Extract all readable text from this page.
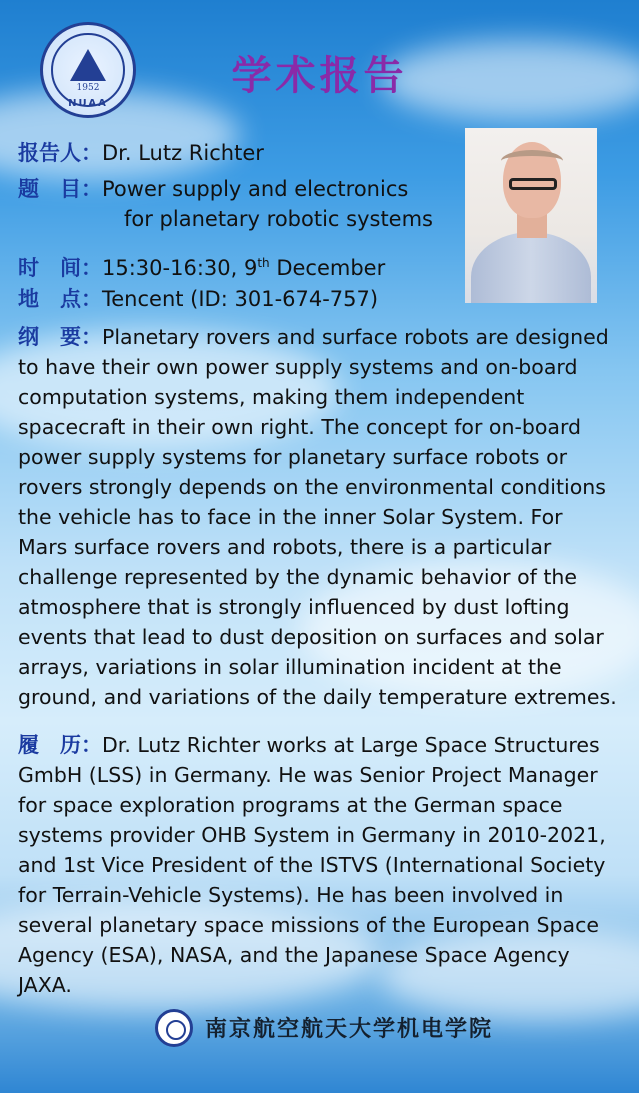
1952
NUAA
学术报告
报告人：Dr. Lutz Richter
题　目：Power supply and electronics
for planetary robotic systems
时　间：15:30-16:30, 9th December
地　点：Tencent (ID: 301-674-757)
纲　要：Planetary rovers and surface robots are designed to have their own power supply systems and on-board computation systems, making them independent spacecraft in their own right. The concept for on-board power supply systems for planetary surface robots or rovers strongly depends on the environmental conditions the vehicle has to face in the inner Solar System. For Mars surface rovers and robots, there is a particular challenge represented by the dynamic behavior of the atmosphere that is strongly influenced by dust lofting events that lead to dust deposition on surfaces and solar arrays, variations in solar illumination incident at the ground, and variations of the daily temperature extremes.
履　历：Dr. Lutz Richter works at Large Space Structures GmbH (LSS) in Germany. He was Senior Project Manager for space exploration programs at the German space systems provider OHB System in Germany in 2010-2021, and 1st Vice President of the ISTVS (International Society for Terrain-Vehicle Systems). He has been involved in several planetary space missions of the European Space Agency (ESA), NASA, and the Japanese Space Agency JAXA.
南京航空航天大学机电学院
